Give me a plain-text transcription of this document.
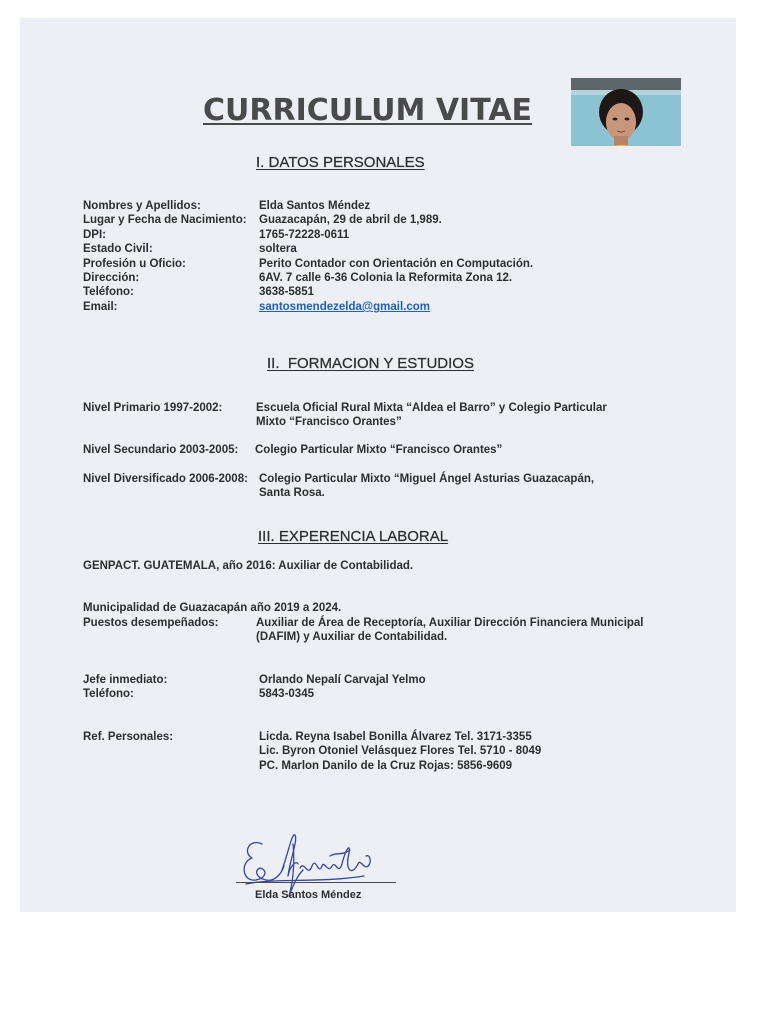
CURRICULUM VITAE
I. DATOS PERSONALES
Nombres y Apellidos:	Elda Santos Méndez
Lugar y Fecha de Nacimiento: Guazacapán, 29 de abril de 1,989.
DPI:	1765-72228-0611
Estado Civil:	soltera
Profesión u Oficio:	Perito Contador con Orientación en Computación.
Dirección:	6AV. 7 calle 6-36 Colonia la Reformita Zona 12.
Teléfono:	3638-5851
Email:	santosmendezelda@gmail.com
II.  FORMACION Y ESTUDIOS
Nivel Primario 1997-2002:	Escuela Oficial Rural Mixta “Aldea el Barro” y Colegio Particular
Mixto “Francisco Orantes”
Nivel Secundario 2003-2005: Colegio Particular Mixto “Francisco Orantes”
Nivel Diversificado 2006-2008: Colegio Particular Mixto “Miguel Ángel Asturias Guazacapán,
Santa Rosa.
III. EXPERENCIA LABORAL
GENPACT. GUATEMALA, año 2016: Auxiliar de Contabilidad.
Municipalidad de Guazacapán año 2019 a 2024.
Puestos desempeñados:	Auxiliar de Área de Receptoría, Auxiliar Dirección Financiera Municipal
(DAFIM) y Auxiliar de Contabilidad.
Jefe inmediato:	Orlando Nepalí Carvajal Yelmo
Teléfono:	5843-0345
Ref. Personales:	Licda. Reyna Isabel Bonilla Álvarez Tel. 3171-3355
Lic. Byron Otoniel Velásquez Flores Tel. 5710 - 8049
PC. Marlon Danilo de la Cruz Rojas: 5856-9609
Elda Santos Méndez
